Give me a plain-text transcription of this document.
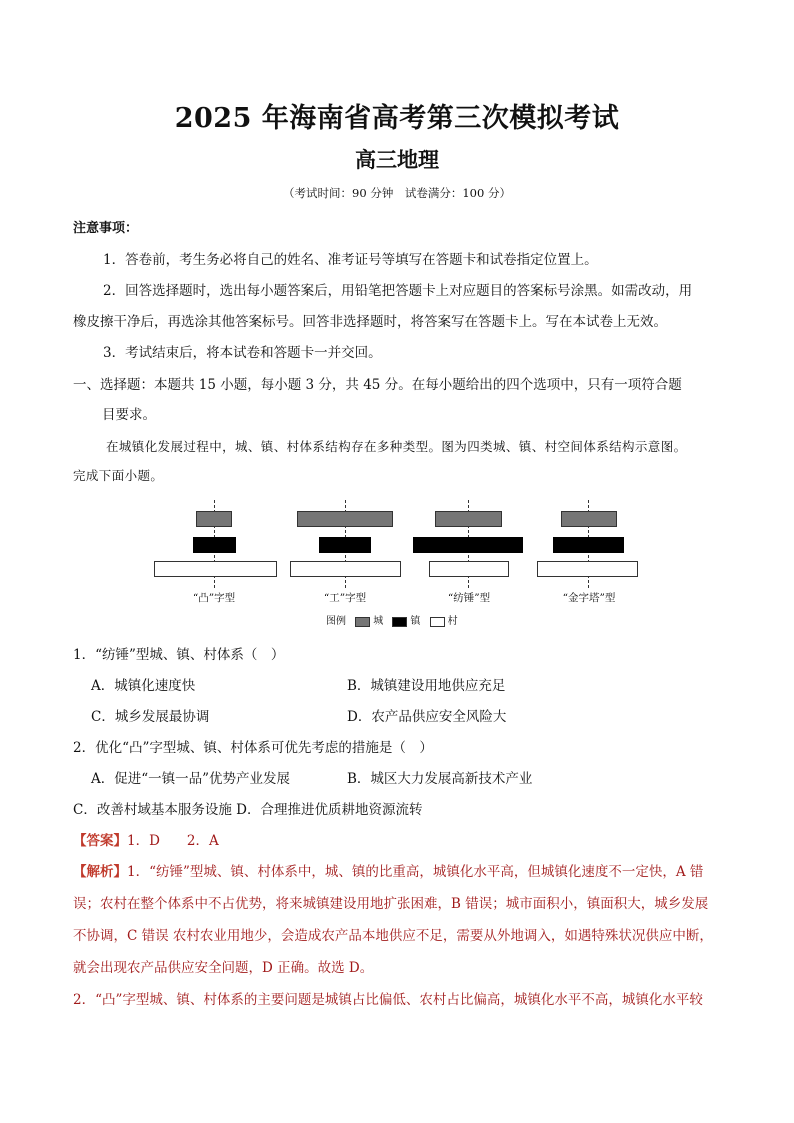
2025 年海南省高考第三次模拟考试
高三地理
（考试时间：90 分钟　试卷满分：100 分）
注意事项：
1．答卷前，考生务必将自己的姓名、准考证号等填写在答题卡和试卷指定位置上。
2．回答选择题时，选出每小题答案后，用铅笔把答题卡上对应题目的答案标号涂黑。如需改动，用
橡皮擦干净后，再选涂其他答案标号。回答非选择题时，将答案写在答题卡上。写在本试卷上无效。
3．考试结束后，将本试卷和答题卡一并交回。
一、选择题：本题共 15 小题，每小题 3 分，共 45 分。在每小题给出的四个选项中，只有一项符合题
目要求。
在城镇化发展过程中，城、镇、村体系结构存在多种类型。图为四类城、镇、村空间体系结构示意图。
完成下面小题。
“凸”字型	“工”字型	“纺锤”型	“金字塔”型
图例	城	镇	村
1．“纺锤”型城、镇、村体系（　）
A．城镇化速度快	B．城镇建设用地供应充足
C．城乡发展最协调	D．农产品供应安全风险大
2．优化“凸”字型城、镇、村体系可优先考虑的措施是（　）
A．促进“一镇一品”优势产业发展	B．城区大力发展高新技术产业
C．改善村域基本服务设施 D．合理推进优质耕地资源流转
【答案】1．D　　2．A
【解析】1．“纺锤”型城、镇、村体系中，城、镇的比重高，城镇化水平高，但城镇化速度不一定快，A 错
误；农村在整个体系中不占优势，将来城镇建设用地扩张困难，B 错误；城市面积小，镇面积大，城乡发展
不协调，C 错误 农村农业用地少，会造成农产品本地供应不足，需要从外地调入，如遇特殊状况供应中断，
就会出现农产品供应安全问题，D 正确。故选 D。
2．“凸”字型城、镇、村体系的主要问题是城镇占比偏低、农村占比偏高，城镇化水平不高，城镇化水平较
